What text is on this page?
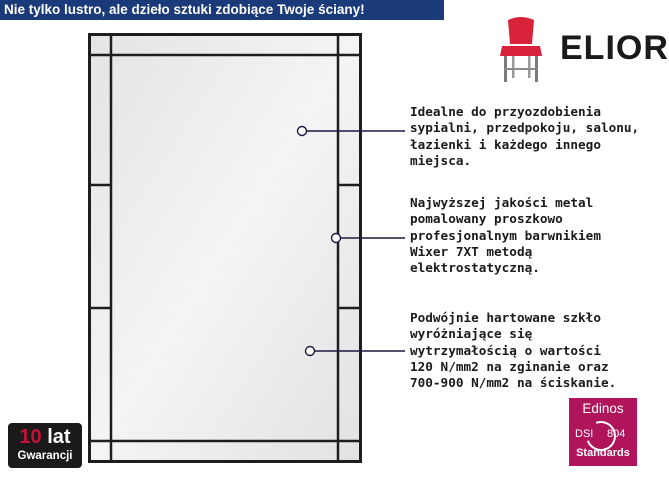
Nie tylko lustro, ale dzieło sztuki zdobiące Twoje ściany!
ELIOR
Idealne do przyozdobienia
sypialni, przedpokoju, salonu,
łazienki i każdego innego
miejsca.
Najwyższej jakości metal
pomalowany proszkowo
profesjonalnym barwnikiem
Wixer 7XT metodą
elektrostatyczną.
Podwójnie hartowane szkło
wyróżniające się
wytrzymałością o wartości
120 N/mm2 na zginanie oraz
700-900 N/mm2 na ściskanie.
10 lat
Gwarancji
Edinos
DSI 804
Standards
